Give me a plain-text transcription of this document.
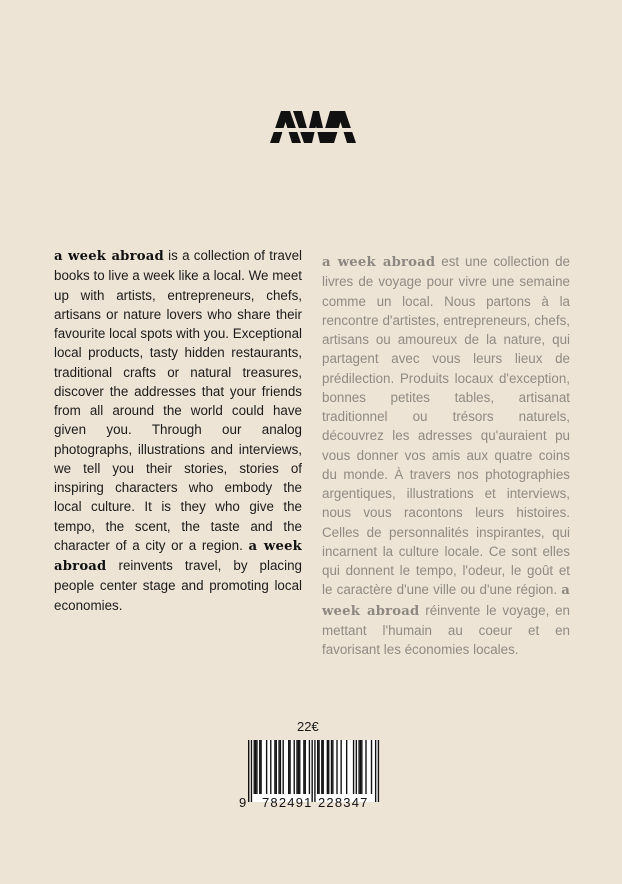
a week abroad is a collection of travel books to live a week like a local. We meet up with artists, entrepreneurs, chefs, artisans or nature lovers who share their favourite local spots with you. Exceptional local products, tasty hidden restaurants, traditional crafts or natural treasures, discover the addresses that your friends from all around the world could have given you. Through our analog photographs, illustrations and interviews, we tell you their stories, stories of inspiring characters who embody the local culture. It is they who give the tempo, the scent, the taste and the character of a city or a region. a week abroad reinvents travel, by placing people center stage and promoting local economies.
a week abroad est une collection de livres de voyage pour vivre une semaine comme un local. Nous partons à la rencontre d'artistes, entrepreneurs, chefs, artisans ou amoureux de la nature, qui partagent avec vous leurs lieux de prédilection. Produits locaux d'exception, bonnes petites tables, artisanat traditionnel ou trésors naturels, découvrez les adresses qu'auraient pu vous donner vos amis aux quatre coins du monde. À travers nos photographies argentiques, illustrations et interviews, nous vous racontons leurs histoires. Celles de personnalités inspirantes, qui incarnent la culture locale. Ce sont elles qui donnent le tempo, l'odeur, le goût et le caractère d'une ville ou d'une région. a week abroad réinvente le voyage, en mettant l'humain au coeur et en favorisant les économies locales.
22€
9 782491 228347
